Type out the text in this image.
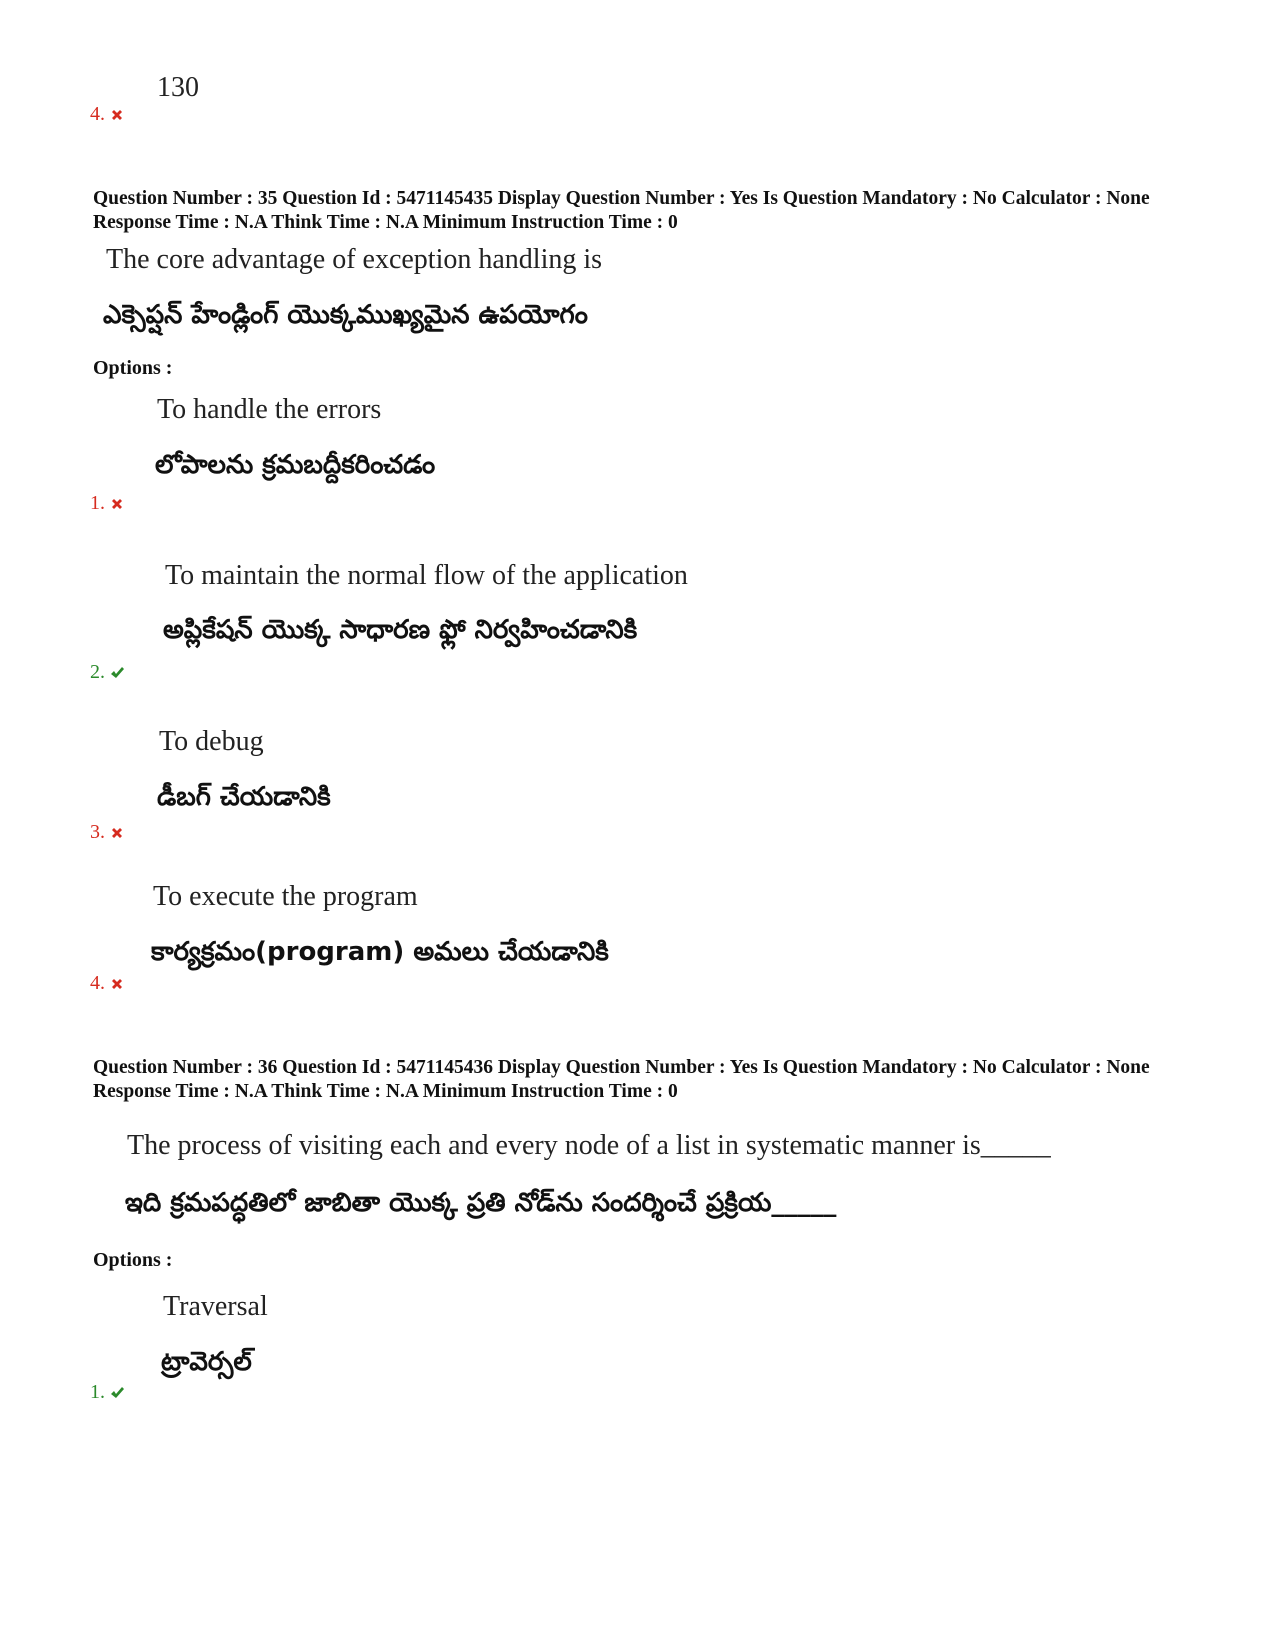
130
4.
Question Number : 35 Question Id : 5471145435 Display Question Number : Yes Is Question Mandatory : No Calculator : None Response Time : N.A Think Time : N.A Minimum Instruction Time : 0
The core advantage of exception handling is
ఎక్సెప్షన్ హేండ్లింగ్ యొక్కముఖ్యమైన ఉపయోగం
Options :
To handle the errors
లోపాలను క్రమబద్దీకరించడం
1.
To maintain the normal flow of the application
అప్లికేషన్ యొక్క సాధారణ ఫ్లో నిర్వహించడానికి
2.
To debug
డీబగ్ చేయడానికి
3.
To execute the program
కార్యక్రమం(program) అమలు చేయడానికి
4.
Question Number : 36 Question Id : 5471145436 Display Question Number : Yes Is Question Mandatory : No Calculator : None Response Time : N.A Think Time : N.A Minimum Instruction Time : 0
The process of visiting each and every node of a list in systematic manner is_____
ఇది క్రమపద్ధతిలో జాబితా యొక్క ప్రతి నోడ్‌ను సందర్శించే ప్రక్రియ_____
Options :
Traversal
ట్రావెర్సల్
1.
